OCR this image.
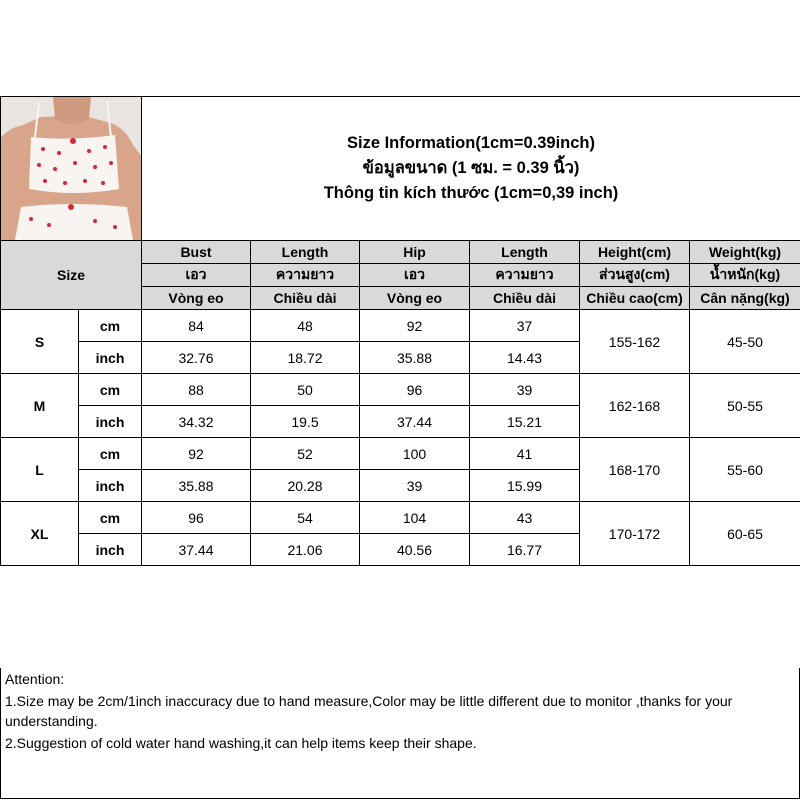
Size Information(1cm=0.39inch)
ข้อมูลขนาด (1 ซม. = 0.39 นิ้ว)
Thông tin kích thước (1cm=0,39 inch)					

Size		Bust	Length	Hip	Length	Height(cm)	Weight(kg)
		เอว	ความยาว	เอว	ความยาว	ส่วนสูง(cm)	น้ำหนัก(kg)
		Vòng eo	Chiều dài	Vòng eo	Chiều dài	Chiều cao(cm)	Cân nặng(kg)
S	cm	84	48	92	37	155-162	45-50
	inch	32.76	18.72	35.88	14.43		
M	cm	88	50	96	39	162-168	50-55
	inch	34.32	19.5	37.44	15.21		
L	cm	92	52	100	41	168-170	55-60
	inch	35.88	20.28	39	15.99		
XL	cm	96	54	104	43	170-172	60-65
	inch	37.44	21.06	40.56	16.77		

Attention:

1.Size may be 2cm/1inch inaccuracy due to hand measure,Color may be little different due to monitor ,thanks for your understanding.

2.Suggestion of cold water hand washing,it can help items keep their shape.
